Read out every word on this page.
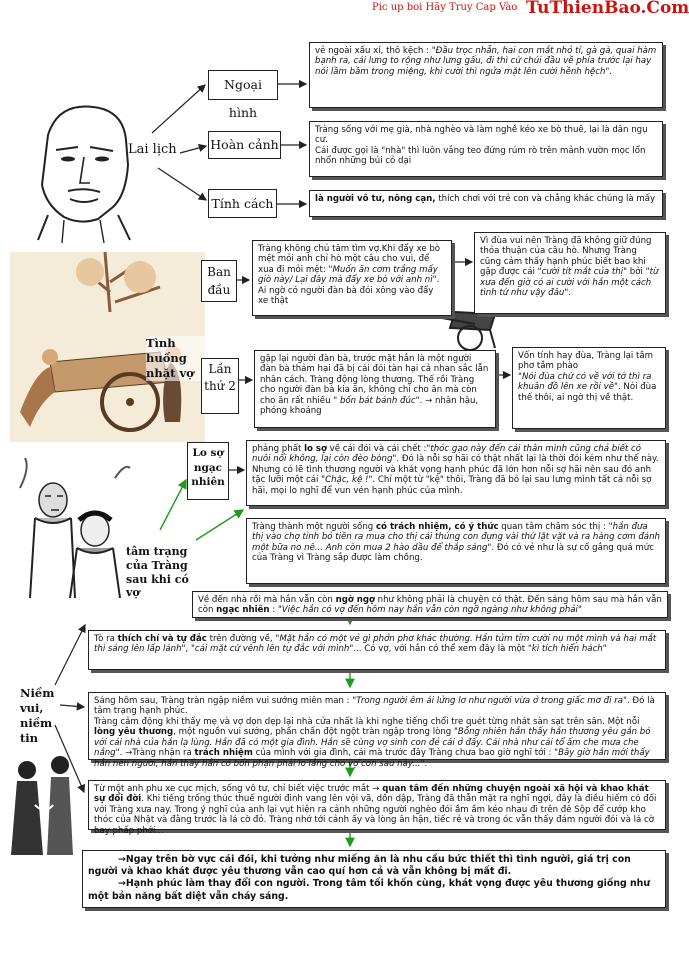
Pic up boi Hãy Truy Cap Vào TuThienBao.Com
Lai lịch
Ngoại hình
Hoàn cảnh
Tính cách
vẻ ngoài xấu xí, thô kệch : "Đầu trọc nhẵn, hai con mắt nhỏ tí, gà gà, quai hàm bạnh ra, cái lưng to rộng như lưng gấu, đi thì cứ chúi đầu về phía trước lại hay nói lầm bầm trong miệng, khi cười thì ngửa mặt lên cười hềnh hệch".
Tràng sống với mẹ già, nhà nghèo và làm nghề kéo xe bò thuê, lại là dân ngụ cư.
Cái được gọi là "nhà" thì luôn vắng teo đứng rúm rò trên mảnh vườn mọc lổn nhổn những búi cỏ dại
là người vô tư, nông cạn, thích chơi với trẻ con và chẳng khác chúng là mấy
Tình huống nhặt vợ
Ban đầu
Lần thứ 2
Tràng không chủ tâm tìm vợ.Khi đẩy xe bò mệt mỏi anh chỉ hò một câu cho vui, để xua đi mỏi mệt: "Muốn ăn cơm trắng mấy giò này/ Lại đây mà đẩy xe bò với anh nì". Ai ngờ có người đàn bà đói xông vào đẩy xe thật
Vì đùa vui nên Tràng đã không giữ đúng thỏa thuận của câu hò. Nhưng Tràng cũng cảm thấy hạnh phúc biết bao khi gặp được cái "cười tít mắt của thị" bởi "từ xưa đến giờ có ai cười với hắn một cách tình tứ như vậy đâu".
gặp lại người đàn bà, trước mặt hắn là một người đàn bà thảm hại đã bị cái đói tàn hại cả nhan sắc lẫn nhân cách. Tràng động lòng thương. Thế rồi Tràng cho người đàn bà kia ăn, không chỉ cho ăn mà còn cho ăn rất nhiều " bốn bát bánh đúc". → nhân hậu, phóng khoáng
Vốn tính hay đùa, Tràng lại tầm phơ tầm phào
"Nói đùa chứ có về với tớ thì ra khuân đồ lên xe rồi về". Nói đùa thế thôi, ai ngờ thị về thật.
Lo sợ ngạc nhiên
tâm trạng của Tràng sau khi có vợ
phảng phất lo sợ về cái đói và cái chết :"thóc gạo này đến cái thân mình cũng chả biết có nuôi nổi không, lại còn đèo bòng". Đó là nỗi sợ hãi có thật nhất lại là thời đói kém như thế này. Nhưng có lẽ tình thương người và khát vọng hạnh phúc đã lớn hơn nỗi sợ hãi nên sau đó anh tặc lưỡi một cái "Chậc, kệ !". Chỉ một từ "kệ" thôi, Tràng đã bỏ lại sau lưng mình tất cả nỗi sợ hãi, mọi lo nghĩ để vun vén hạnh phúc của mình.
Tràng thành một người sống có trách nhiệm, có ý thức quan tâm chăm sóc thị : "hắn đưa thị vào chợ tỉnh bỏ tiền ra mua cho thị cái thúng con đựng vài thứ lặt vặt và ra hàng cơm đánh một bữa no nê... Anh còn mua 2 hào dầu để thắp sáng". Đó có vẻ như là sự cố gắng quá mức của Tràng vì Tràng sắp được làm chồng.
Về đến nhà rồi mà hắn vẫn còn ngờ ngợ như không phải là chuyện có thật. Đến sáng hôm sau mà hắn vẫn còn ngạc nhiên : "Việc hắn có vợ đến hôm nay hắn vẫn còn ngỡ ngàng như không phải"
Niềm vui, niềm tin
Tò ra thích chí và tự đắc trên đường về, "Mặt hắn có một vẻ gì phởn phơ khác thường. Hắn tủm tỉm cười nụ một mình và hai mắt thì sáng lên lấp lánh", "cái mặt cứ vênh lên tự đắc với mình"... Có vợ, với hắn có thể xem đây là một "kì tích hiển hách"
Sáng hôm sau, Tràng tràn ngập niềm vui sướng miên man : "Trong người êm ái lửng lơ như người vừa ở trong giấc mơ đi ra". Đó là tâm trạng hạnh phúc.
Tràng cảm động khi thấy mẹ và vợ dọn dẹp lại nhà cửa nhất là khi nghe tiếng chổi tre quét từng nhát sàn sạt trên sân. Một nỗi lòng yêu thương, một nguồn vui sướng, phấn chấn đột ngột tràn ngập trong lòng "Bỗng nhiên hắn thấy hắn thương yêu gắn bó với cái nhà của hắn lạ lùng. Hắn đã có một gia đình. Hắn sẽ cùng vợ sinh con đẻ cái ở đấy. Cái nhà như cái tổ ấm che mưa che nắng". →Tràng nhận ra trách nhiệm của mình với gia đình, cái mà trước đây Tràng chưa bao giờ nghĩ tới : "Bây giờ hắn mới thấy hắn nên người, hắn thấy hắn có bổn phận phải lo lắng cho vợ con sau này...".
Từ một anh phu xe cục mịch, sống vô tư, chỉ biết việc trước mắt → quan tâm đến những chuyện ngoài xã hội và khao khát sự đổi đời. Khi tiếng trống thúc thuế người đinh vang lên vội vã, dồn dập, Tràng đã thẫn mặt ra nghĩ ngợi, đây là điều hiếm có đối với Tràng xưa nay. Trong ý nghĩ của anh lại vụt hiện ra cảnh những người nghèo đói ầm ầm kéo nhau đi trên đê Sộp để cướp kho thóc của Nhật và đằng trước là lá cờ đỏ. Tràng nhớ tới cảnh ấy và lòng ân hận, tiếc rẻ và trong óc vẫn thấy đám người đói và lá cờ bay phấp phới...
→Ngay trên bờ vực cái đói, khi tưởng như miếng ăn là nhu cầu bức thiết thì tình người, giá trị con người và khao khát được yêu thương vẫn cao quí hơn cả và vẫn không bị mất đi.
→Hạnh phúc làm thay đổi con người. Trong tâm tối khốn cùng, khát vọng được yêu thương giống như một bản năng bất diệt vẫn cháy sáng.
